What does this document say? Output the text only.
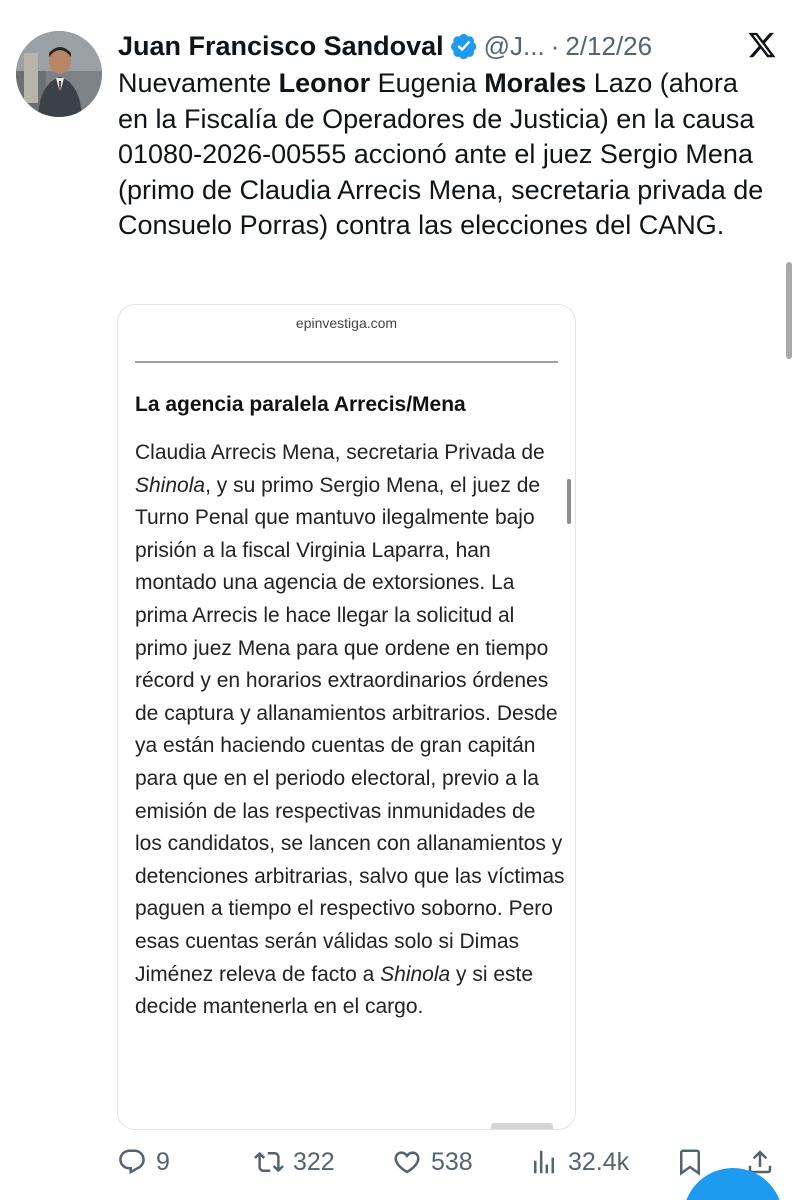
Juan Francisco Sandoval @J... · 2/12/26
Nuevamente Leonor Eugenia Morales Lazo (ahora en la Fiscalía de Operadores de Justicia) en la causa 01080-2026-00555 accionó ante el juez Sergio Mena (primo de Claudia Arrecis Mena, secretaria privada de Consuelo Porras) contra las elecciones del CANG.
epinvestiga.com
La agencia paralela Arrecis/Mena
Claudia Arrecis Mena, secretaria Privada de Shinola, y su primo Sergio Mena, el juez de Turno Penal que mantuvo ilegalmente bajo prisión a la fiscal Virginia Laparra, han montado una agencia de extorsiones. La prima Arrecis le hace llegar la solicitud al primo juez Mena para que ordene en tiempo récord y en horarios extraordinarios órdenes de captura y allanamientos arbitrarios. Desde ya están haciendo cuentas de gran capitán para que en el periodo electoral, previo a la emisión de las respectivas inmunidades de los candidatos, se lancen con allanamientos y detenciones arbitrarias, salvo que las víctimas paguen a tiempo el respectivo soborno. Pero esas cuentas serán válidas solo si Dimas Jiménez releva de facto a Shinola y si este decide mantenerla en el cargo.
9	322	538	32.4k
